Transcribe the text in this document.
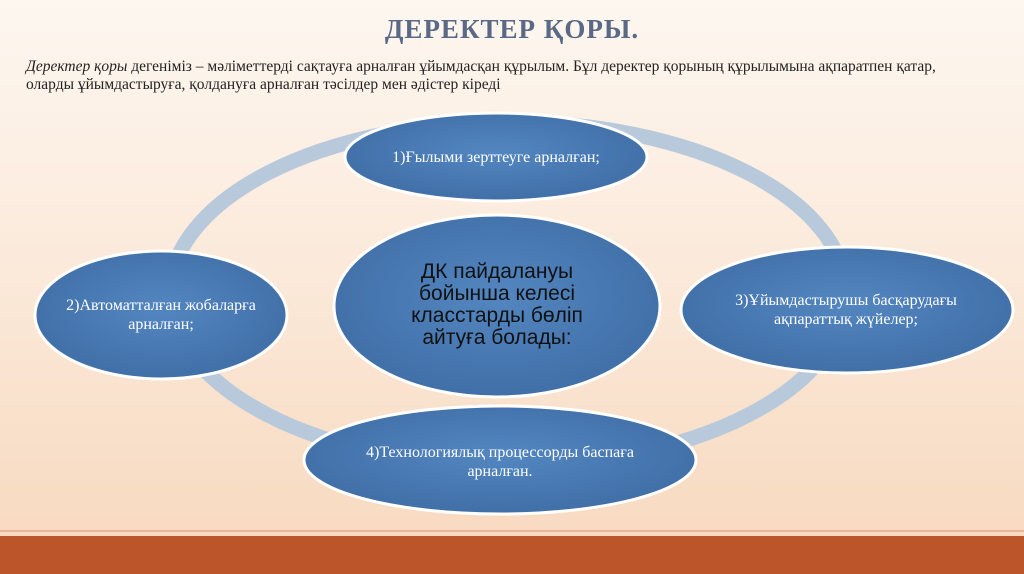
ДЕРЕКТЕР ҚОРЫ.
Деректер қоры дегеніміз – мәліметтерді сақтауға арналған ұйымдасқан құрылым. Бұл деректер қорының құрылымына ақпаратпен қатар, оларды ұйымдастыруға, қолдануға арналған тәсілдер мен әдістер кіреді
ДК пайдалануы бойынша келесі класстарды бөліп айтуға болады:
1)Ғылыми зерттеуге арналған;
2)Автоматталған жобаларға арналған;
3)Ұйымдастырушы басқарудағы ақпараттық жүйелер;
4)Технологиялық процессорды баспаға арналған.
